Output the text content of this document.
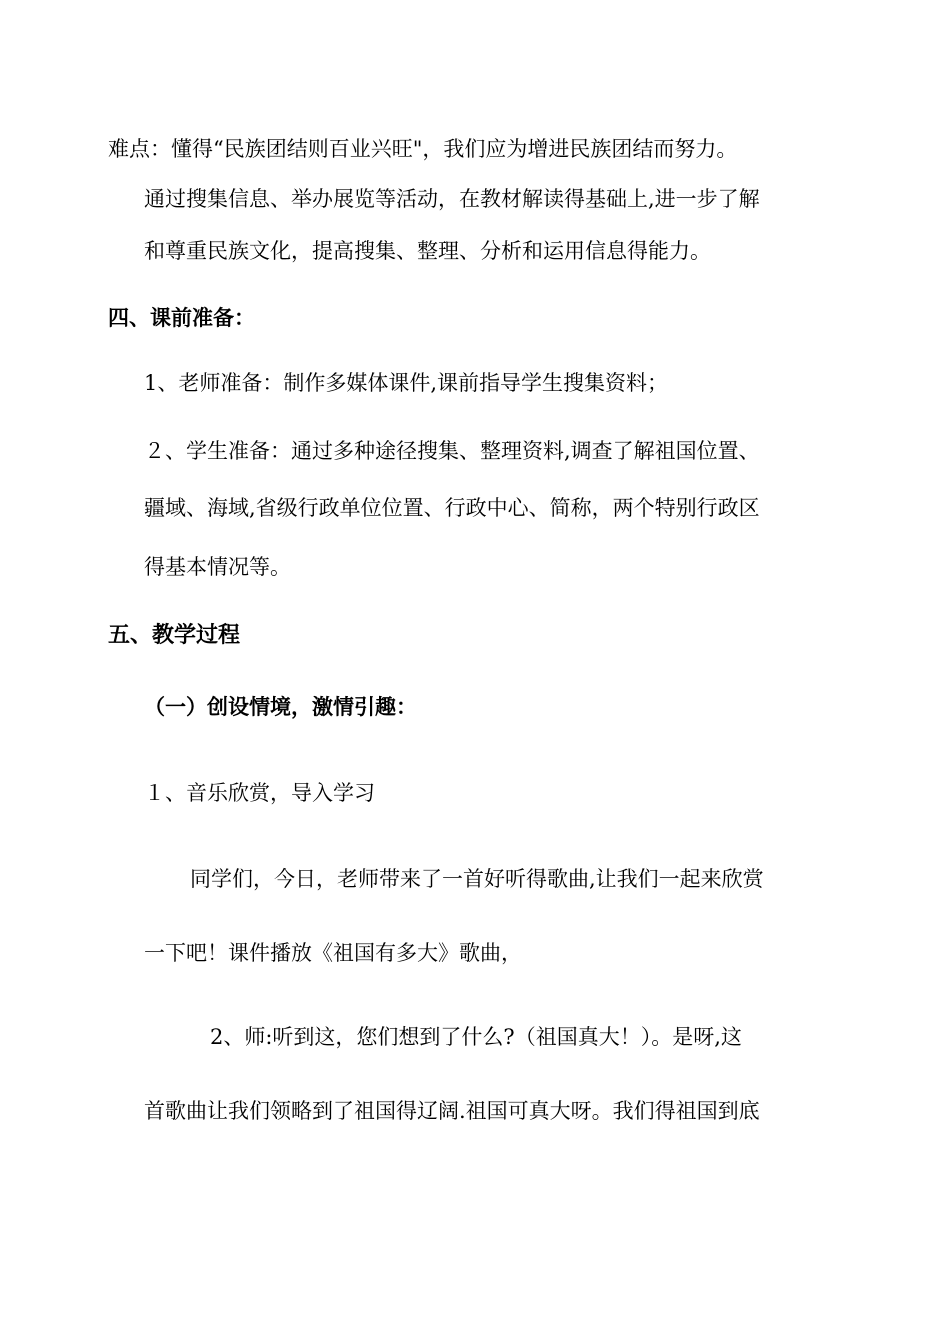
难点：懂得“民族团结则百业兴旺"，我们应为增进民族团结而努力。
通过搜集信息、举办展览等活动，在教材解读得基础上,进一步了解
和尊重民族文化，提高搜集、整理、分析和运用信息得能力。
四、课前准备：
1、老师准备：制作多媒体课件,课前指导学生搜集资料；
２、学生准备：通过多种途径搜集、整理资料,调查了解祖国位置、
疆域、海域,省级行政单位位置、行政中心、简称，两个特别行政区
得基本情况等。
五、教学过程
（一）创设情境，激情引趣：
１、音乐欣赏，导入学习
同学们，今日，老师带来了一首好听得歌曲,让我们一起来欣赏
一下吧！课件播放《祖国有多大》歌曲，
2、师:听到这，您们想到了什么?（祖国真大！）。是呀,这
首歌曲让我们领略到了祖国得辽阔.祖国可真大呀。我们得祖国到底
